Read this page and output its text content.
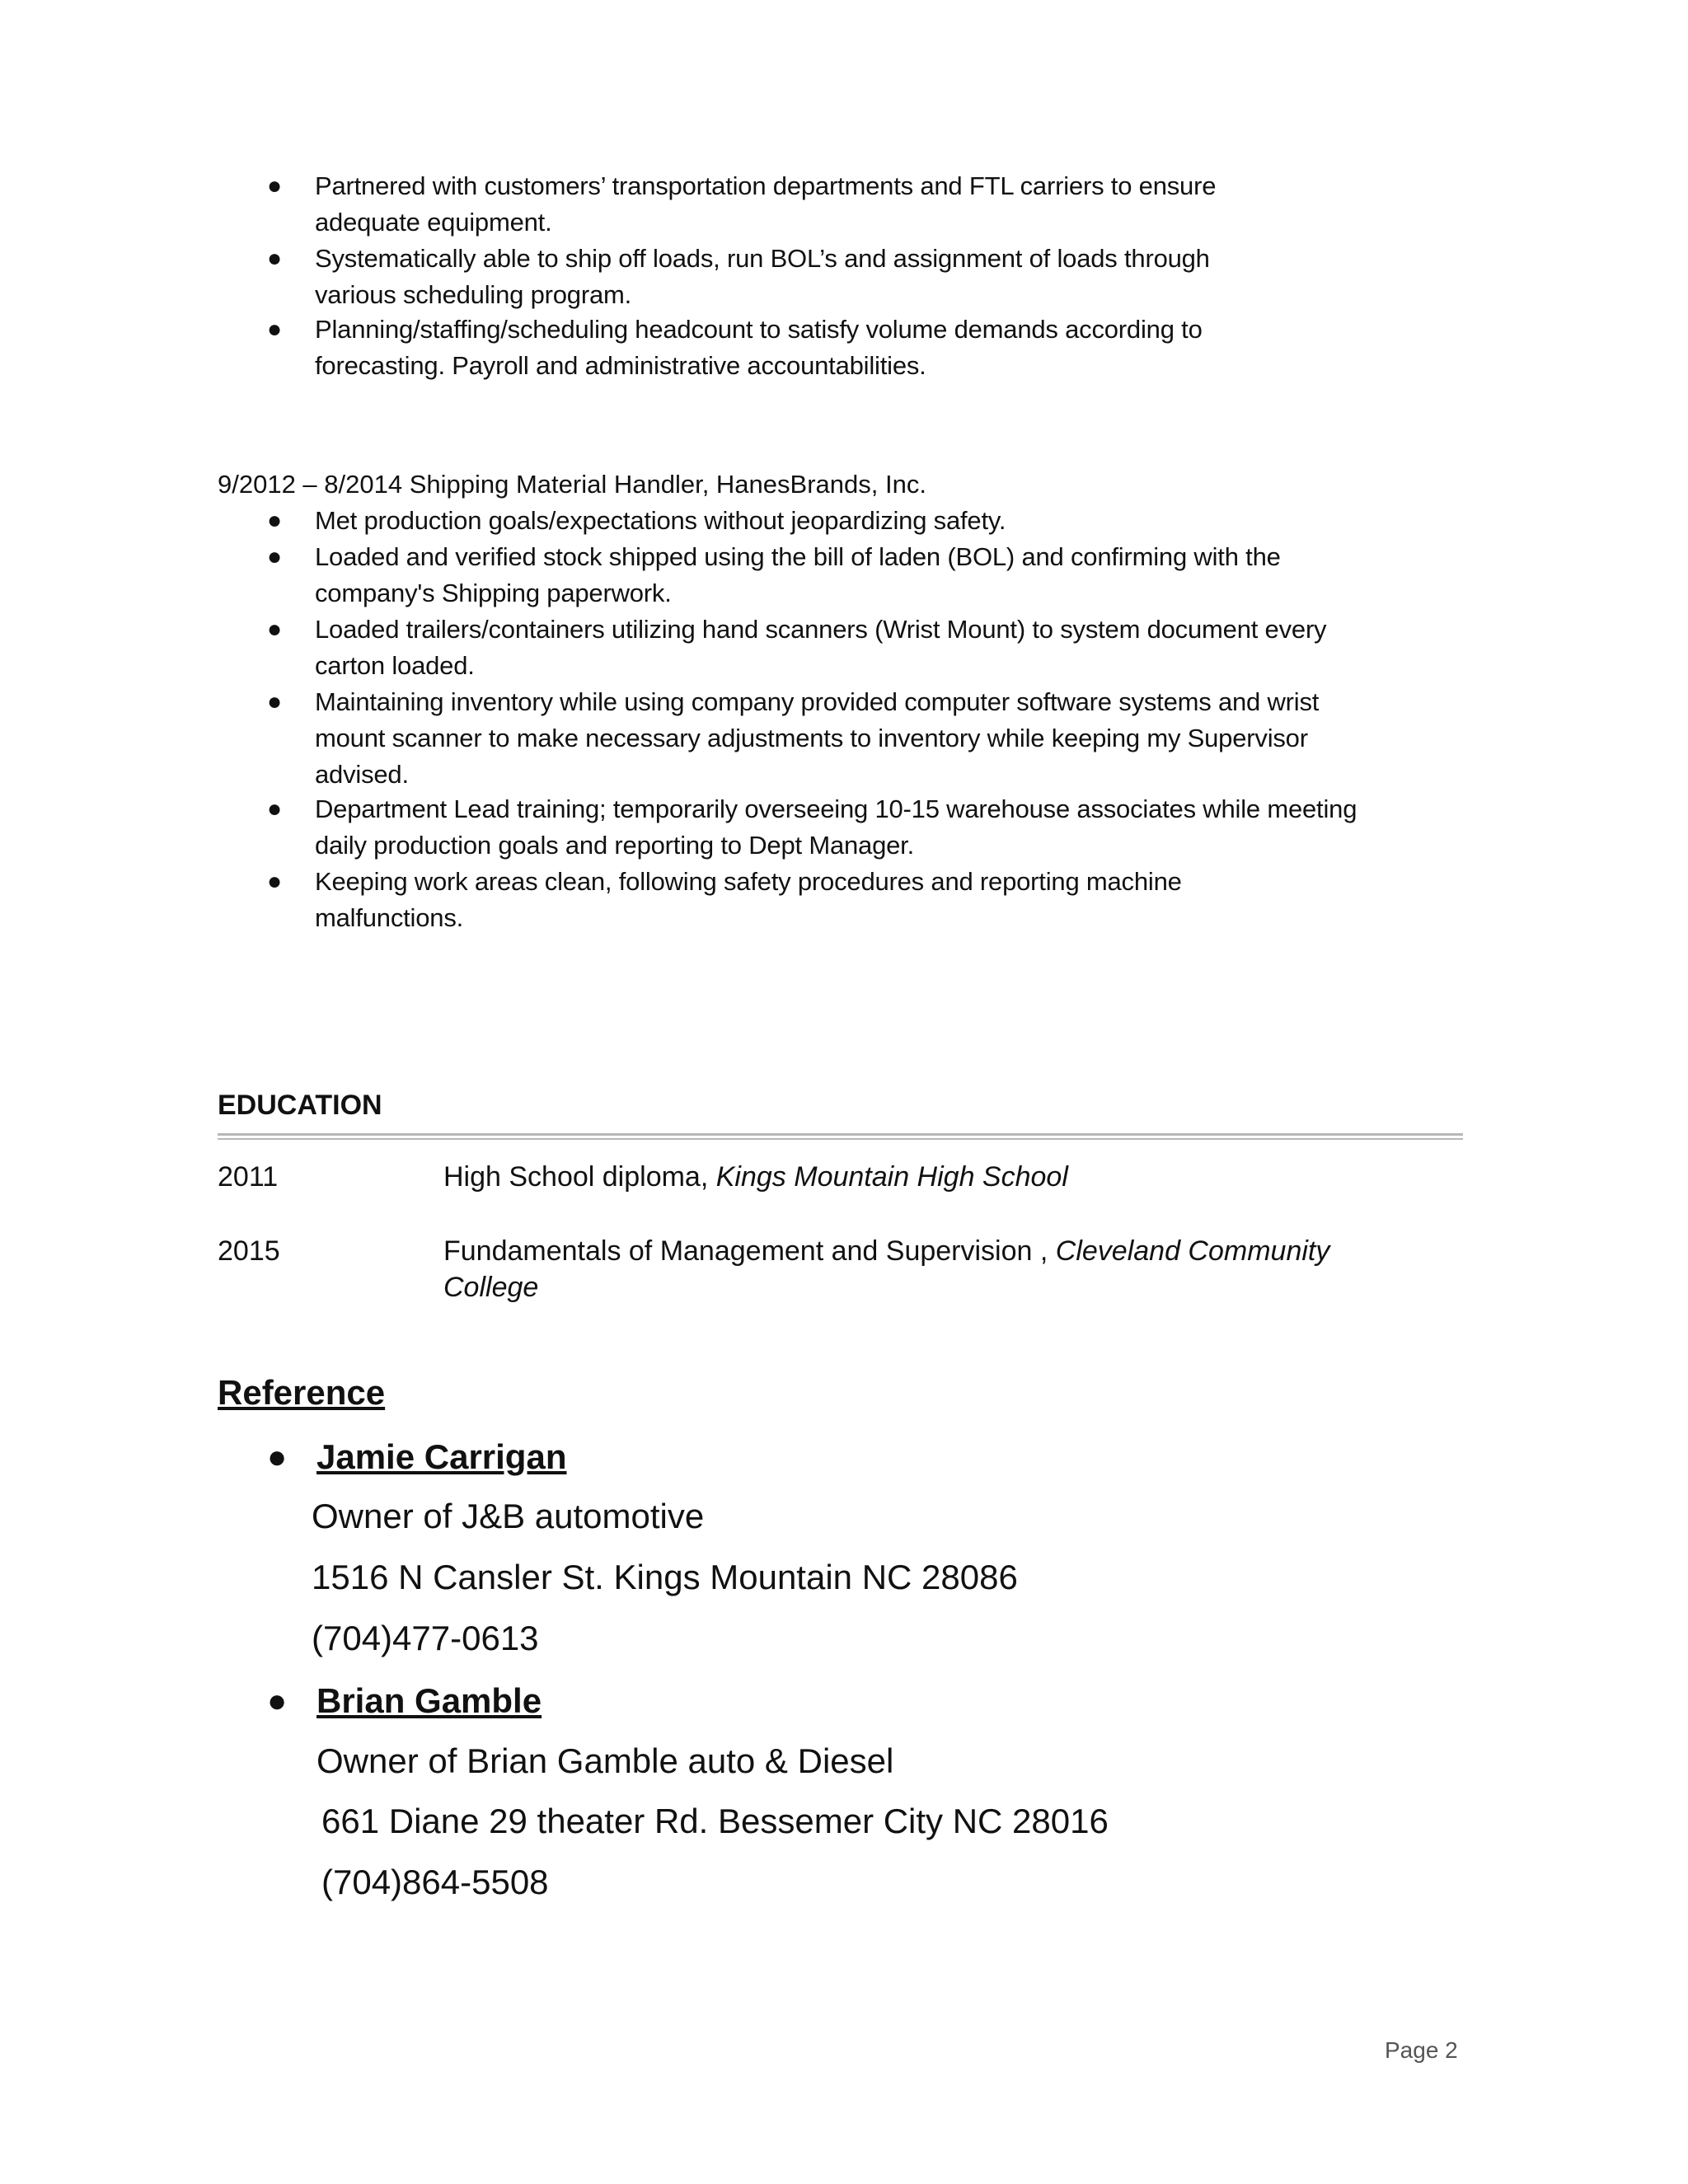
● Partnered with customers’ transportation departments and FTL carriers to ensure
adequate equipment.
● Systematically able to ship off loads, run BOL’s and assignment of loads through
various scheduling program.
● Planning/staffing/scheduling headcount to satisfy volume demands according to
forecasting. Payroll and administrative accountabilities.
9/2012 – 8/2014 Shipping Material Handler, HanesBrands, Inc.
● Met production goals/expectations without jeopardizing safety.
● Loaded and verified stock shipped using the bill of laden (BOL) and confirming with the
company's Shipping paperwork.
● Loaded trailers/containers utilizing hand scanners (Wrist Mount) to system document every
carton loaded.
● Maintaining inventory while using company provided computer software systems and wrist
mount scanner to make necessary adjustments to inventory while keeping my Supervisor
advised.
● Department Lead training; temporarily overseeing 10-15 warehouse associates while meeting
daily production goals and reporting to Dept Manager.
● Keeping work areas clean, following safety procedures and reporting machine
malfunctions.
EDUCATION
2011	High School diploma, Kings Mountain High School
2015	Fundamentals of Management and Supervision , Cleveland Community
College
Reference
● Jamie Carrigan
Owner of J&B automotive
1516 N Cansler St. Kings Mountain NC 28086
(704)477-0613
● Brian Gamble
Owner of Brian Gamble auto & Diesel
661 Diane 29 theater Rd. Bessemer City NC 28016
(704)864-5508
Page 2
